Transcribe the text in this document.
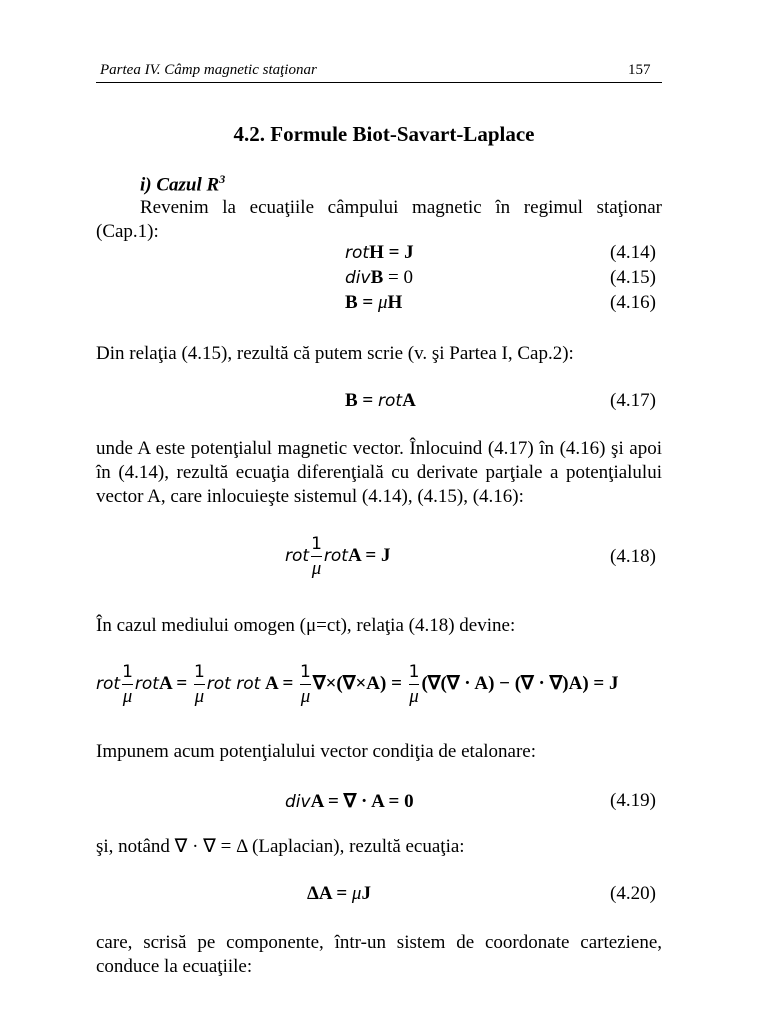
Partea IV. Câmp magnetic staţionar	157
4.2. Formule Biot-Savart-Laplace
i) Cazul $R^3$
Revenim la ecuaţiile câmpului magnetic în regimul staţionar (Cap.1):
rotH = J	(4.14)
divB = 0	(4.15)
B = μH	(4.16)
Din relaţia (4.15), rezultă că putem scrie (v. şi Partea I, Cap.2):
B = rotA	(4.17)
unde A este potenţialul magnetic vector. Înlocuind (4.17) în (4.16) şi apoi în (4.14), rezultă ecuaţia diferenţială cu derivate parţiale a potenţialului vector A, care inlocuieşte sistemul (4.14), (4.15), (4.16):
rot $\frac{1}{\mu}$ rotA = J	(4.18)
În cazul mediului omogen (μ=ct), relaţia (4.18) devine:
rot $\frac{1}{\mu}$ rotA = $\frac{1}{\mu}$ rot rot $A = \frac{1}{\mu} \nabla\times(\nabla\times A) = \frac{1}{\mu}$ (∇(∇ · A) − (∇ · ∇)A) = J
Impunem acum potenţialului vector condiţia de etalonare:
divA = ∇ · A = 0	(4.19)
şi, notând ∇ · ∇ = Δ (Laplacian), rezultă ecuaţia:
ΔA = μJ	(4.20)
care, scrisă pe componente, într-un sistem de coordonate carteziene, conduce la ecuaţiile:
